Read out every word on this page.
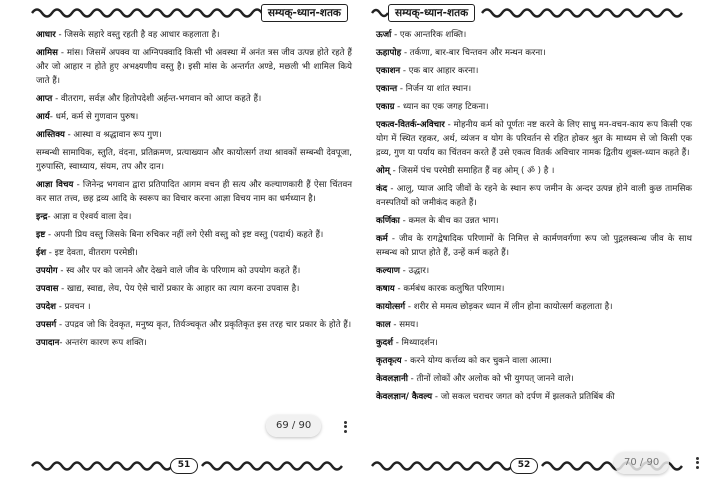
सम्यक्-ध्यान-शतक

आधार - जिसके सहारे वस्तु रहती है वह आधार कहलाता है।

आमिस - मांस। जिसमें अपक्व या अग्निपक्वादि किसी भी अवस्था में अनंत त्रस जीव उत्पन्न होते रहते हैं और जो आहार न होते हुए अभक्ष्यणीय वस्तु है। इसी मांस के अन्तर्गत अण्डे, मछली भी शामिल किये जाते हैं।

आप्त - वीतराग, सर्वज्ञ और हितोपदेशी अर्हन्त-भगवान को आप्त कहते हैं।

आर्य- धर्म, कर्म से गुणवान पुरुष।

आस्तिक्य - आस्था व श्रद्धावान रूप गुण।

सम्बन्धी सामायिक, स्तुति, वंदना, प्रतिक्रमण, प्रत्याख्यान और कायोत्सर्ग तथा श्रावकों सम्बन्धी देवपूजा, गुरुपास्ति, स्वाध्याय, संयम, तप और दान।

आज्ञा विचय - जिनेन्द्र भगवान द्वारा प्रतिपादित आगम वचन ही सत्य और कल्याणकारी हैं ऐसा चिंतवन कर सात तत्त्व, छह द्रव्य आदि के स्वरूप का विचार करना आज्ञा विचय नाम का धर्मध्यान है।

इन्द्र- आज्ञा व ऐश्वर्य वाला देव।

इष्ट - अपनी प्रिय वस्तु जिसके बिना रुचिकर नहीं लगे ऐसी वस्तु को इष्ट वस्तु (पदार्थ) कहते हैं।

ईश - इष्ट देवता, वीतराग परमेष्ठी।

उपयोग - स्व और पर को जानने और देखने वाले जीव के परिणाम को उपयोग कहते हैं।

उपवास - खाद्य, स्वाद्य, लेय, पेय ऐसे चारों प्रकार के आहार का त्याग करना उपवास है।

उपदेश - प्रवचन ।

उपसर्ग - उपद्रव जो कि देवकृत, मनुष्य कृत, तिर्यञ्चकृत और प्रकृतिकृत इस तरह चार प्रकार के होते हैं।

उपादान- अन्तरंग कारण रूप शक्ति।

51
सम्यक्-ध्यान-शतक

ऊर्जा - एक आन्तरिक शक्ति।

ऊहापोह - तर्कणा, बार-बार चिन्तवन और मन्थन करना।

एकाशन - एक बार आहार करना।

एकान्त - निर्जन या शांत स्थान।

एकाग्र - ध्यान का एक जगह टिकना।

एकत्व-वितर्क-अविचार - मोहनीय कर्म को पूर्णतः नष्ट करने के लिए साधु मन-वचन-काय रूप किसी एक योग में स्थित रहकर, अर्थ, व्यंजन व योग के परिवर्तन से रहित होकर श्रुत के माध्यम से जो किसी एक द्रव्य, गुण या पर्याय का चिंतवन करते हैं उसे एकत्व वितर्क अविचार नामक द्वितीय शुक्ल-ध्यान कहते हैं।

ओम् - जिसमें पंच परमेष्ठी समाहित हैं वह ओम् ( ॐ ) है ।

कंद - आलु, प्याज आदि जीवों के रहने के स्थान रूप जमीन के अन्दर उत्पन्न होने वाली कुछ तामसिक वनस्पतियों को जमीकंद कहते हैं।

कर्णिका - कमल के बीच का उन्नत भाग।

कर्म - जीव के रागद्वेषादिक परिणामों के निमित्त से कार्मणवर्गणा रूप जो पुद्गलस्कन्ध जीव के साथ सम्बन्ध को प्राप्त होते हैं, उन्हें कर्म कहते हैं।

कल्याण - उद्धार।

कषाय - कर्मबंध कारक कलुषित परिणाम।

कायोत्सर्ग - शरीर से ममत्व छोड़कर ध्यान में लीन होना कायोत्सर्ग कहलाता है।

काल - समय।

कुदर्श - मिथ्यादर्शन।

कृतकृत्य - करने योग्य कर्त्तव्य को कर चुकने वाला आत्मा।

केवलज्ञानी - तीनों लोकों और अलोक को भी युगपत् जानने वाले।

केवलज्ञान/ कैवल्य - जो सकल चराचर जगत को दर्पण में झलकते प्रतिबिंब की

52
69 / 90
70 / 90
